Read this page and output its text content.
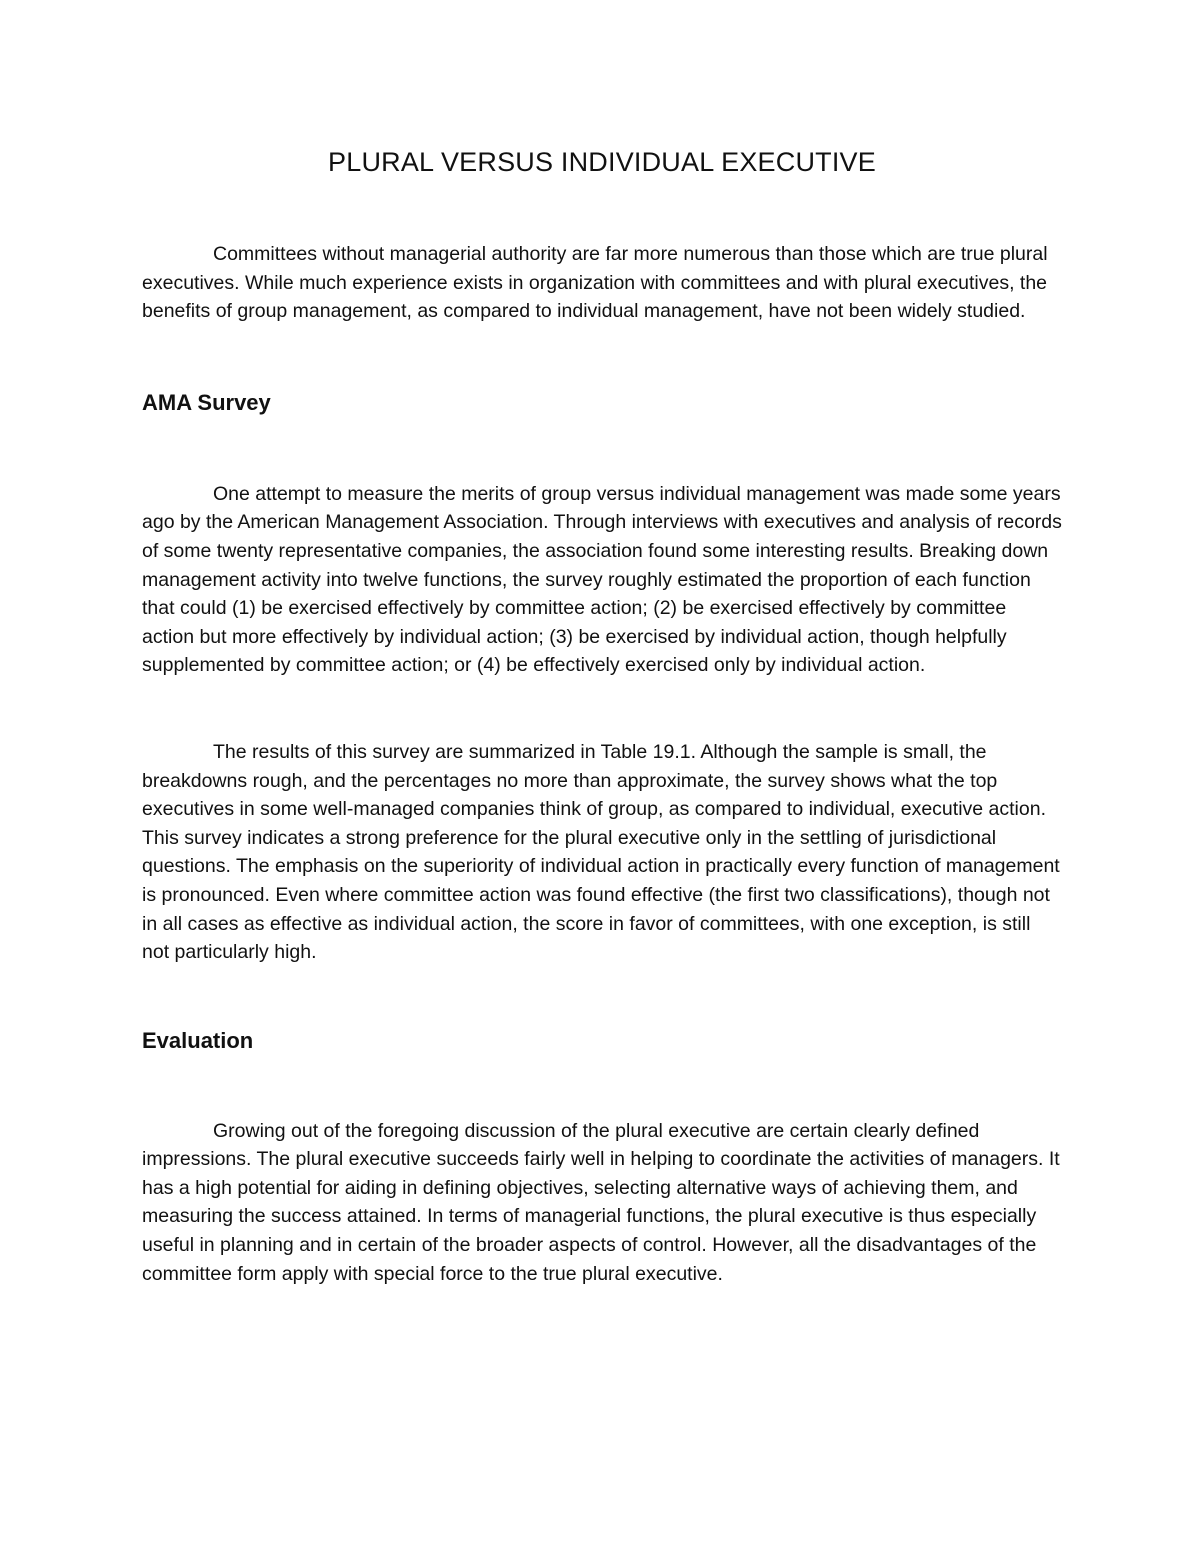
PLURAL VERSUS INDIVIDUAL EXECUTIVE

Committees without managerial authority are far more numerous than those which are true plural executives. While much experience exists in organization with committees and with plural executives, the benefits of group management, as compared to individual management, have not been widely studied.

AMA Survey

One attempt to measure the merits of group versus individual management was made some years ago by the American Management Association. Through interviews with executives and analysis of records of some twenty representative companies, the association found some interesting results. Breaking down management activity into twelve functions, the survey roughly estimated the proportion of each function that could (1) be exercised effectively by committee action; (2) be exercised effectively by committee action but more effectively by individual action; (3) be exercised by individual action, though helpfully supplemented by committee action; or (4) be effectively exercised only by individual action.

The results of this survey are summarized in Table 19.1. Although the sample is small, the breakdowns rough, and the percentages no more than approximate, the survey shows what the top executives in some well-managed companies think of group, as compared to individual, executive action. This survey indicates a strong preference for the plural executive only in the settling of jurisdictional questions. The emphasis on the superiority of individual action in practically every function of management is pronounced. Even where committee action was found effective (the first two classifications), though not in all cases as effective as individual action, the score in favor of committees, with one exception, is still not particularly high.

Evaluation

Growing out of the foregoing discussion of the plural executive are certain clearly defined impressions. The plural executive succeeds fairly well in helping to coordinate the activities of managers. It has a high potential for aiding in defining objectives, selecting alternative ways of achieving them, and measuring the success attained. In terms of managerial functions, the plural executive is thus especially useful in planning and in certain of the broader aspects of control. However, all the disadvantages of the committee form apply with special force to the true plural executive.
